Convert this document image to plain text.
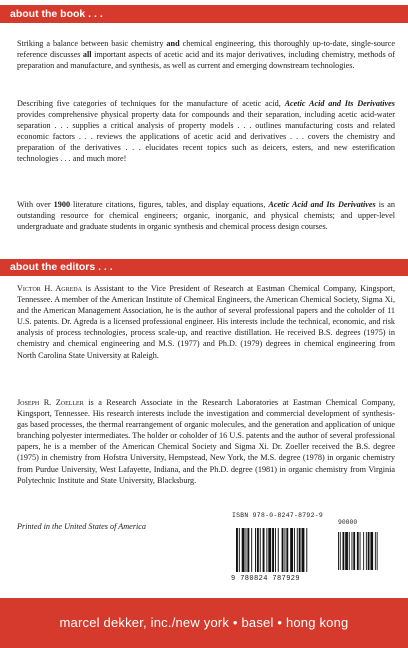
about the book . . .

Striking a balance between basic chemistry and chemical engineering, this thoroughly up-to-date, single-source reference discusses all important aspects of acetic acid and its major derivatives, including chemistry, methods of preparation and manufacture, and synthesis, as well as current and emerging downstream technologies.

Describing five categories of techniques for the manufacture of acetic acid, Acetic Acid and Its Derivatives provides comprehensive physical property data for compounds and their separation, including acetic acid-water separation . . . supplies a critical analysis of property models . . . outlines manufacturing costs and related economic factors . . . reviews the applications of acetic acid and derivatives . . . covers the chemistry and preparation of the derivatives . . . elucidates recent topics such as deicers, esters, and new esterification technologies . . . and much more!

With over 1900 literature citations, figures, tables, and display equations, Acetic Acid and Its Derivatives is an outstanding resource for chemical engineers; organic, inorganic, and physical chemists; and upper-level undergraduate and graduate students in organic synthesis and chemical process design courses.

about the editors . . .

Victor H. Agreda is Assistant to the Vice President of Research at Eastman Chemical Company, Kingsport, Tennessee. A member of the American Institute of Chemical Engineers, the American Chemical Society, Sigma Xi, and the American Management Association, he is the author of several professional papers and the coholder of 11 U.S. patents. Dr. Agreda is a licensed professional engineer. His interests include the technical, economic, and risk analysis of process technologies, process scale-up, and reactive distillation. He received B.S. degrees (1975) in chemistry and chemical engineering and M.S. (1977) and Ph.D. (1979) degrees in chemical engineering from North Carolina State University at Raleigh.

Joseph R. Zoeller is a Research Associate in the Research Laboratories at Eastman Chemical Company, Kingsport, Tennessee. His research interests include the investigation and commercial development of synthesis-gas based processes, the thermal rearrangement of organic molecules, and the generation and application of unique branching polyester intermediates. The holder or coholder of 16 U.S. patents and the author of several professional papers, he is a member of the American Chemical Society and Sigma Xi. Dr. Zoeller received the B.S. degree (1975) in chemistry from Hofstra University, Hempstead, New York, the M.S. degree (1978) in organic chemistry from Purdue University, West Lafayette, Indiana, and the Ph.D. degree (1981) in organic chemistry from Virginia Polytechnic Institute and State University, Blacksburg.

Printed in the United States of America
ISBN 978-0-8247-8792-9
90000
9 780824 787929
marcel dekker, inc./new york • basel • hong kong
